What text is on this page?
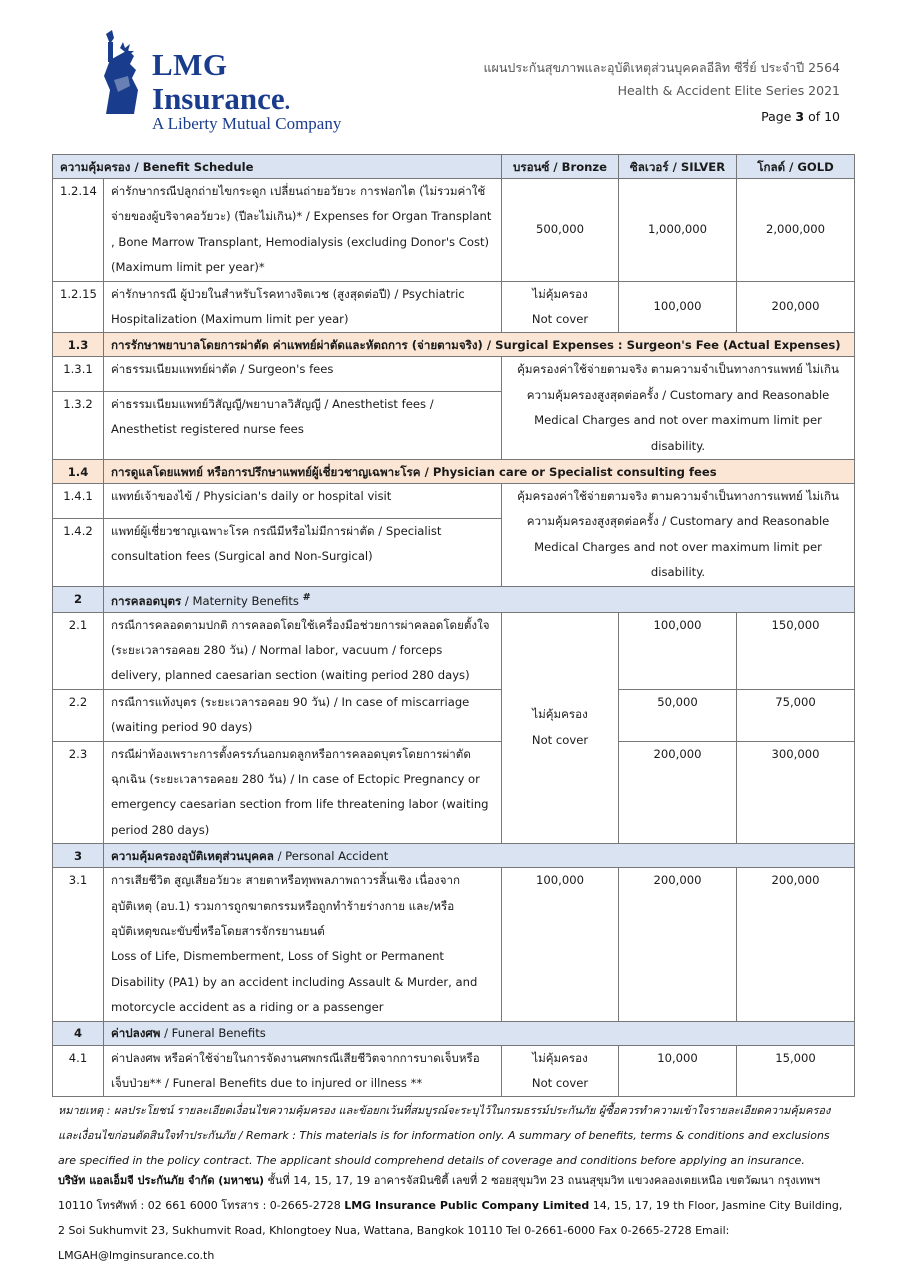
LMG
Insurance.
A Liberty Mutual Company
แผนประกันสุขภาพและอุบัติเหตุส่วนบุคคลอีลิท ซีรี่ย์ ประจำปี 2564
Health & Accident Elite Series 2021
Page 3 of 10
ความคุ้มครอง / Benefit Schedule		บรอนซ์ / Bronze	ซิลเวอร์ / SILVER	โกลด์ / GOLD
1.2.14	ค่ารักษากรณีปลูกถ่ายไขกระดูก เปลี่ยนถ่ายอวัยวะ การฟอกไต (ไม่รวมค่าใช้จ่ายของผู้บริจาคอวัยวะ) (ปีละไม่เกิน)* / Expenses for Organ Transplant , Bone Marrow Transplant, Hemodialysis (excluding Donor's Cost) (Maximum limit per year)*	500,000	1,000,000	2,000,000
1.2.15	ค่ารักษากรณี ผู้ป่วยในสำหรับโรคทางจิตเวช (สูงสุดต่อปี) / Psychiatric Hospitalization (Maximum limit per year)	ไม่คุ้มครอง
Not cover	100,000	200,000
1.3	การรักษาพยาบาลโดยการผ่าตัด ค่าแพทย์ผ่าตัดและหัตถการ (จ่ายตามจริง) / Surgical Expenses : Surgeon's Fee (Actual Expenses)			
1.3.1	ค่าธรรมเนียมแพทย์ผ่าตัด / Surgeon's fees	คุ้มครองค่าใช้จ่ายตามจริง ตามความจำเป็นทางการแพทย์ ไม่เกินความคุ้มครองสูงสุดต่อครั้ง / Customary and Reasonable Medical Charges and not over maximum limit per disability.		
1.3.2	ค่าธรรมเนียมแพทย์วิสัญญี/พยาบาลวิสัญญี / Anesthetist fees / Anesthetist registered nurse fees			
1.4	การดูแลโดยแพทย์ หรือการปรึกษาแพทย์ผู้เชี่ยวชาญเฉพาะโรค / Physician care or Specialist consulting fees			
1.4.1	แพทย์เจ้าของไข้ / Physician's daily or hospital visit	คุ้มครองค่าใช้จ่ายตามจริง ตามความจำเป็นทางการแพทย์ ไม่เกินความคุ้มครองสูงสุดต่อครั้ง / Customary and Reasonable Medical Charges and not over maximum limit per disability.		
1.4.2	แพทย์ผู้เชี่ยวชาญเฉพาะโรค กรณีมีหรือไม่มีการผ่าตัด / Specialist consultation fees (Surgical and Non-Surgical)			
2	การคลอดบุตร / Maternity Benefits #
2.1	กรณีการคลอดตามปกติ การคลอดโดยใช้เครื่องมือช่วยการผ่าคลอดโดยตั้งใจ (ระยะเวลารอคอย 280 วัน) / Normal labor, vacuum / forceps delivery, planned caesarian section (waiting period 280 days)	ไม่คุ้มครอง
Not cover	100,000	150,000
2.2	กรณีการแท้งบุตร (ระยะเวลารอคอย 90 วัน) / In case of miscarriage (waiting period 90 days)		50,000	75,000
2.3	กรณีผ่าท้องเพราะการตั้งครรภ์นอกมดลูกหรือการคลอดบุตรโดยการผ่าตัดฉุกเฉิน (ระยะเวลารอคอย 280 วัน) / In case of Ectopic Pregnancy or emergency caesarian section from life threatening labor (waiting period 280 days)		200,000	300,000
3	ความคุ้มครองอุบัติเหตุส่วนบุคคล / Personal Accident			
3.1	การเสียชีวิต สูญเสียอวัยวะ สายตาหรือทุพพลภาพถาวรสิ้นเชิง เนื่องจากอุบัติเหตุ (อบ.1) รวมการถูกฆาตกรรมหรือถูกทำร้ายร่างกาย และ/หรืออุบัติเหตุขณะขับขี่หรือโดยสารจักรยานยนต์
Loss of Life, Dismemberment, Loss of Sight or Permanent Disability (PA1) by an accident including Assault & Murder, and motorcycle accident as a riding or a passenger	100,000	200,000	200,000
4	ค่าปลงศพ / Funeral Benefits			
4.1	ค่าปลงศพ หรือค่าใช้จ่ายในการจัดงานศพกรณีเสียชีวิตจากการบาดเจ็บหรือเจ็บป่วย** / Funeral Benefits due to injured or illness **	ไม่คุ้มครอง
Not cover	10,000	15,000
หมายเหตุ : ผลประโยชน์ รายละเอียดเงื่อนไขความคุ้มครอง และข้อยกเว้นที่สมบูรณ์จะระบุไว้ในกรมธรรม์ประกันภัย ผู้ซื้อควรทำความเข้าใจรายละเอียดความคุ้มครองและเงื่อนไขก่อนตัดสินใจทำประกันภัย / Remark : This materials is for information only. A summary of benefits, terms & conditions and exclusions are specified in the policy contract. The applicant should comprehend details of coverage and conditions before applying an insurance.
บริษัท แอลเอ็มจี ประกันภัย จำกัด (มหาชน) ชั้นที่ 14, 15, 17, 19 อาคารจัสมินซิตี้ เลขที่ 2 ซอยสุขุมวิท 23 ถนนสุขุมวิท แขวงคลองเตยเหนือ เขตวัฒนา กรุงเทพฯ 10110 โทรศัพท์ : 02 661 6000 โทรสาร : 0-2665-2728 LMG Insurance Public Company Limited 14, 15, 17, 19 th Floor, Jasmine City Building, 2 Soi Sukhumvit 23, Sukhumvit Road, Khlongtoey Nua, Wattana, Bangkok 10110 Tel 0-2661-6000 Fax 0-2665-2728 Email: LMGAH@lmginsurance.co.th
